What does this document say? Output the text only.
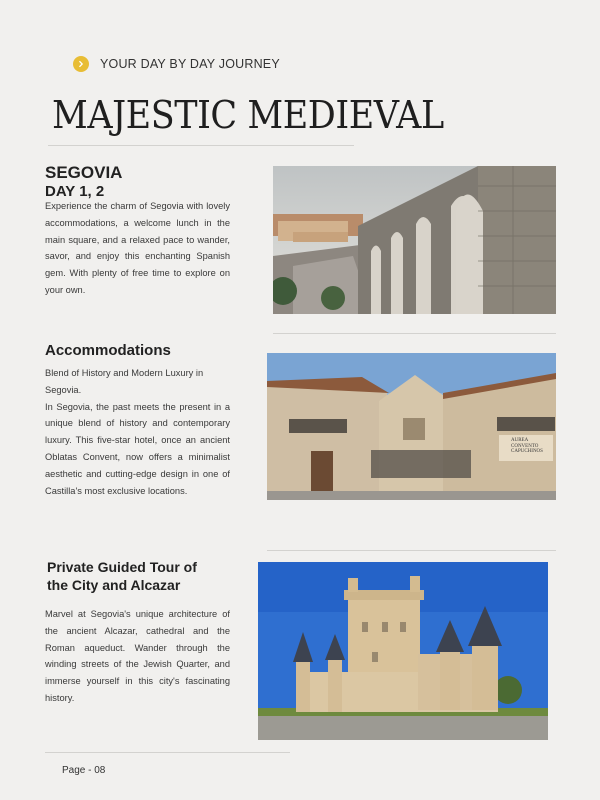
YOUR DAY BY DAY JOURNEY
MAJESTIC MEDIEVAL
SEGOVIA
DAY 1, 2

Experience the charm of Segovia with lovely accommodations, a welcome lunch in the main square, and a relaxed pace to wander, savor, and enjoy this enchanting Spanish gem. With plenty of free time to explore on your own.

Accommodations

Blend of History and Modern Luxury in Segovia.

In Segovia, the past meets the present in a unique blend of history and contemporary luxury. This five-star hotel, once an ancient Oblatas Convent, now offers a minimalist aesthetic and cutting-edge design in one of Castilla's most exclusive locations.

AUREA
CONVENTO
CAPUCHINOS
Private Guided Tour of
the City and Alcazar

Marvel at Segovia's unique architecture of the ancient Alcazar, cathedral and the Roman aqueduct. Wander through the winding streets of the Jewish Quarter, and immerse yourself in this city's fascinating history.

Page - 08
